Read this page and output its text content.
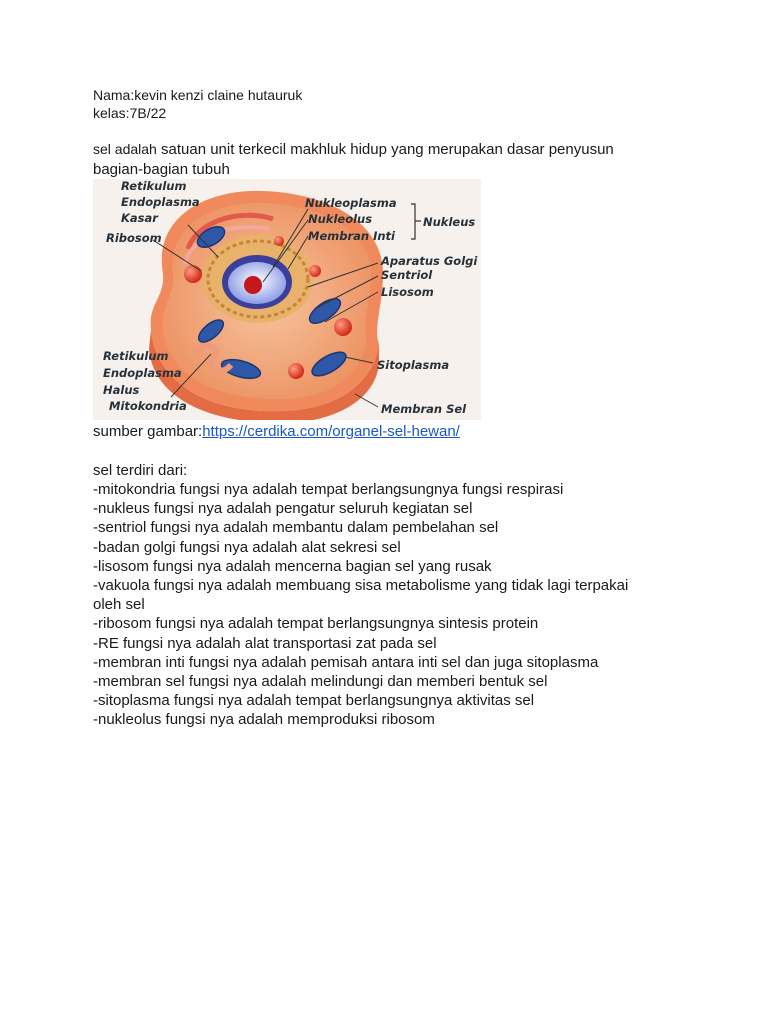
Nama:kevin kenzi claine hutauruk
kelas:7B/22
sel adalah satuan unit terkecil makhluk hidup yang merupakan dasar penyusun bagian-bagian tubuh
Retikulum
Endoplasma
Kasar
Ribosom
Nukleoplasma
Nukleolus
Membran Inti
Nukleus
Aparatus Golgi
Sentriol
Lisosom
Retikulum
Endoplasma
Halus
Mitokondria
Sitoplasma
Membran Sel
sumber gambar:https://cerdika.com/organel-sel-hewan/
sel terdiri dari:
-mitokondria fungsi nya adalah tempat berlangsungnya fungsi respirasi
-nukleus fungsi nya adalah pengatur seluruh kegiatan sel
-sentriol fungsi nya adalah membantu dalam pembelahan sel
-badan golgi fungsi nya adalah alat sekresi sel
-lisosom fungsi nya adalah mencerna bagian sel yang rusak
-vakuola fungsi nya adalah membuang sisa metabolisme yang tidak lagi terpakai
oleh sel
-ribosom fungsi nya adalah tempat berlangsungnya sintesis protein
-RE fungsi nya adalah alat transportasi zat pada sel
-membran inti fungsi nya adalah pemisah antara inti sel dan juga sitoplasma
-membran sel fungsi nya adalah melindungi dan memberi bentuk sel
-sitoplasma fungsi nya adalah tempat berlangsungnya aktivitas sel
-nukleolus fungsi nya adalah memproduksi ribosom
